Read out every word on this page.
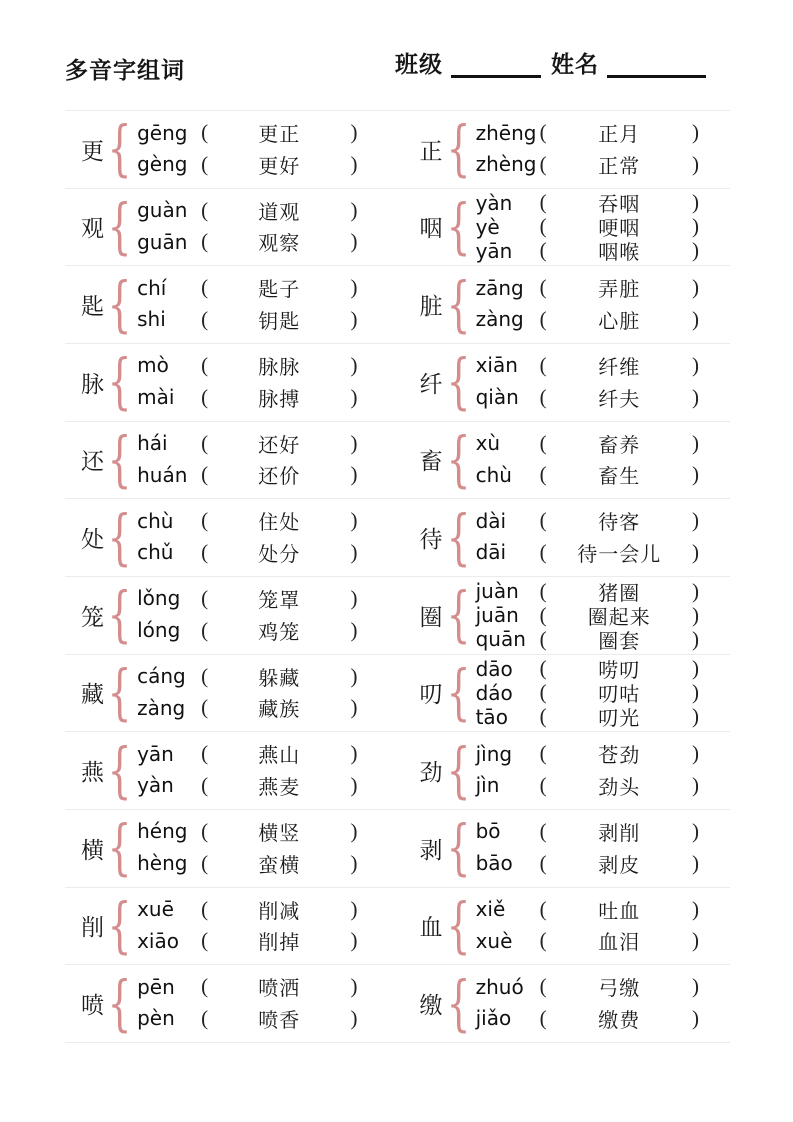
多音字组词	班级	姓名
更 { gēng (	更正	)
gèng (	更好	)
观 { guàn (	道观	)
guān (	观察	)
匙 { chí	(	匙子	)
shi	(	钥匙	)
脉 { mò	(	脉脉	)
mài	(	脉搏	)
还 { hái	(	还好	)
huán (	还价	)
处 { chù	(	住处	)
chǔ	(	处分	)
笼 { lǒng (	笼罩	)
lóng (	鸡笼	)
藏 { cáng (	躲藏	)
zàng (	藏族	)
燕 { yān	(	燕山	)
yàn	(	燕麦	)
横 { héng (	横竖	)
hèng (	蛮横	)
削 { xuē	(	削减	)
xiāo	(	削掉	)
喷 { pēn	(	喷洒	)
pèn	(	喷香	)
正 { zhēng (	正月	)
zhèng (	正常	)
咽 { yàn	(	吞咽	)
yè	(	哽咽	)
yān	(	咽喉	)
脏 { zāng (	弄脏	)
zàng (	心脏	)
纤 { xiān	(	纤维	)
qiàn (	纤夫	)
畜 { xù	(	畜养	)
chù	(	畜生	)
待 { dài	(	待客	)
dāi	(	待一会儿	)
圈 { juàn (	猪圈	)
juān (	圈起来	)
quān (	圈套	)
叨 { dāo	(	唠叨	)
dáo	(	叨咕	)
tāo	(	叨光	)
劲 { jìng	(	苍劲	)
jìn	(	劲头	)
剥 { bō	(	剥削	)
bāo	(	剥皮	)
血 { xiě	(	吐血	)
xuè	(	血泪	)
缴 { zhuó (	弓缴	)
jiǎo	(	缴费	)
